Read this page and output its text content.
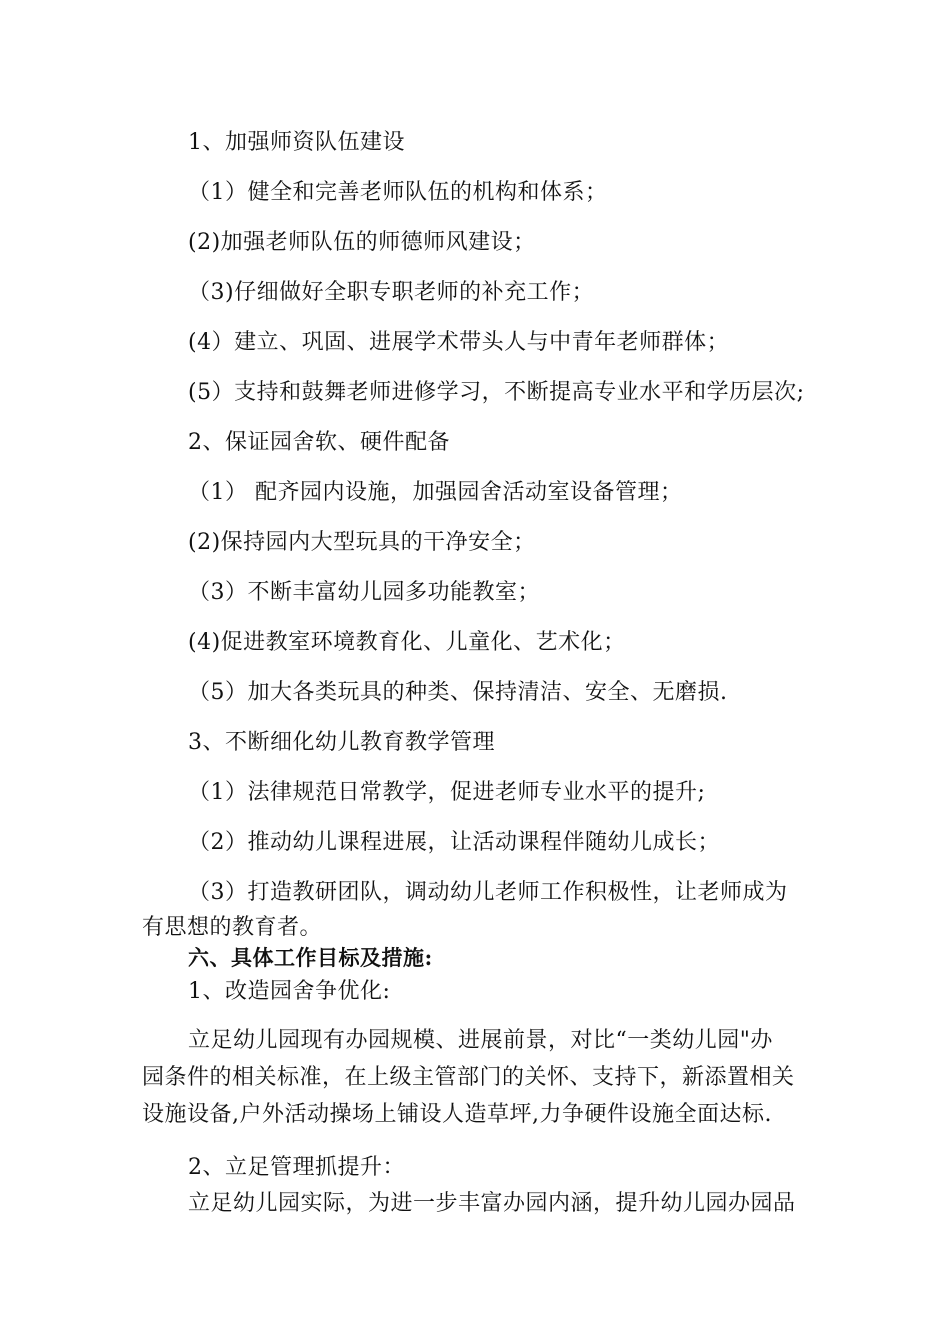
1、加强师资队伍建设
（1）健全和完善老师队伍的机构和体系；
(2)加强老师队伍的师德师风建设；
（3)仔细做好全职专职老师的补充工作；
(4）建立、巩固、进展学术带头人与中青年老师群体；
(5）支持和鼓舞老师进修学习，不断提高专业水平和学历层次;
2、保证园舍软、硬件配备
（1） 配齐园内设施，加强园舍活动室设备管理；
(2)保持园内大型玩具的干净安全；
（3）不断丰富幼儿园多功能教室；
(4)促进教室环境教育化、儿童化、艺术化；
（5）加大各类玩具的种类、保持清洁、安全、无磨损.
3、不断细化幼儿教育教学管理
（1）法律规范日常教学，促进老师专业水平的提升;
（2）推动幼儿课程进展，让活动课程伴随幼儿成长；
（3）打造教研团队，调动幼儿老师工作积极性，让老师成为
有思想的教育者。
六、具体工作目标及措施:
1、改造园舍争优化:
立足幼儿园现有办园规模、进展前景，对比“一类幼儿园"办
园条件的相关标准，在上级主管部门的关怀、支持下，新添置相关
设施设备,户外活动操场上铺设人造草坪,力争硬件设施全面达标.
2、立足管理抓提升：
立足幼儿园实际，为进一步丰富办园内涵，提升幼儿园办园品
